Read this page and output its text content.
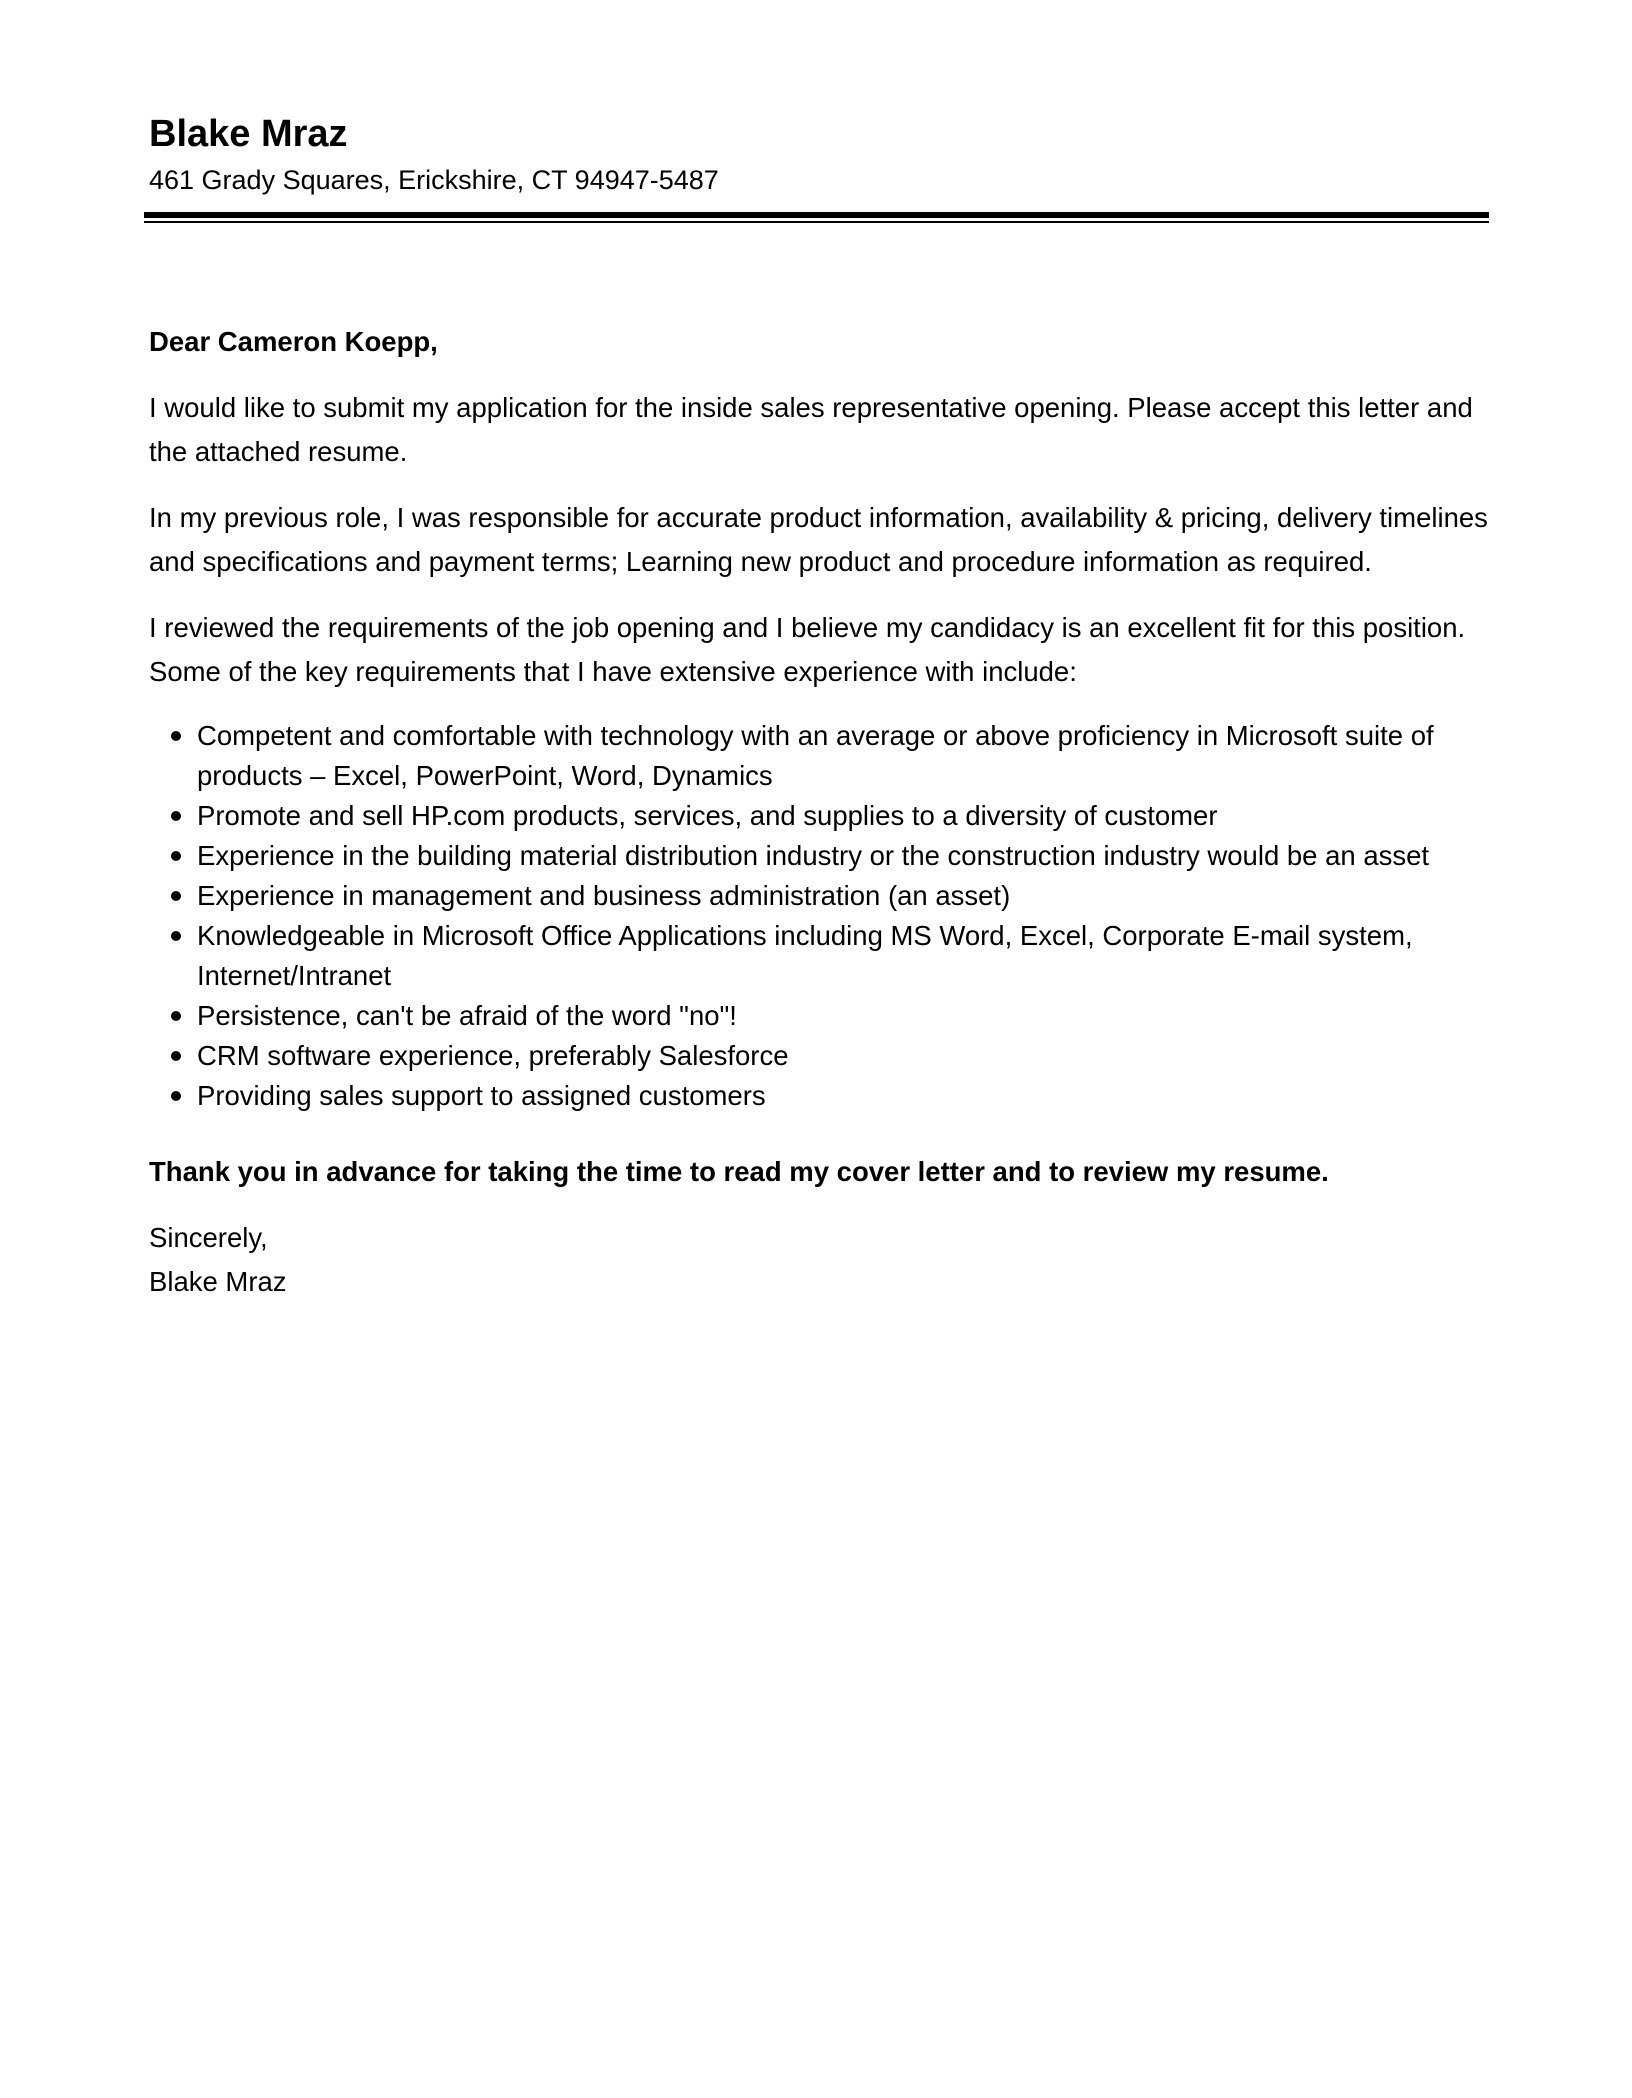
Blake Mraz
461 Grady Squares, Erickshire, CT 94947-5487

Dear Cameron Koepp,

I would like to submit my application for the inside sales representative opening. Please accept this letter and the attached resume.

In my previous role, I was responsible for accurate product information, availability & pricing, delivery timelines and specifications and payment terms; Learning new product and procedure information as required.

I reviewed the requirements of the job opening and I believe my candidacy is an excellent fit for this position. Some of the key requirements that I have extensive experience with include:

Competent and comfortable with technology with an average or above proficiency in Microsoft suite of products – Excel, PowerPoint, Word, Dynamics
Promote and sell HP.com products, services, and supplies to a diversity of customer
Experience in the building material distribution industry or the construction industry would be an asset
Experience in management and business administration (an asset)
Knowledgeable in Microsoft Office Applications including MS Word, Excel, Corporate E-mail system, Internet/Intranet
Persistence, can't be afraid of the word "no"!
CRM software experience, preferably Salesforce
Providing sales support to assigned customers

Thank you in advance for taking the time to read my cover letter and to review my resume.

Sincerely,

Blake Mraz
